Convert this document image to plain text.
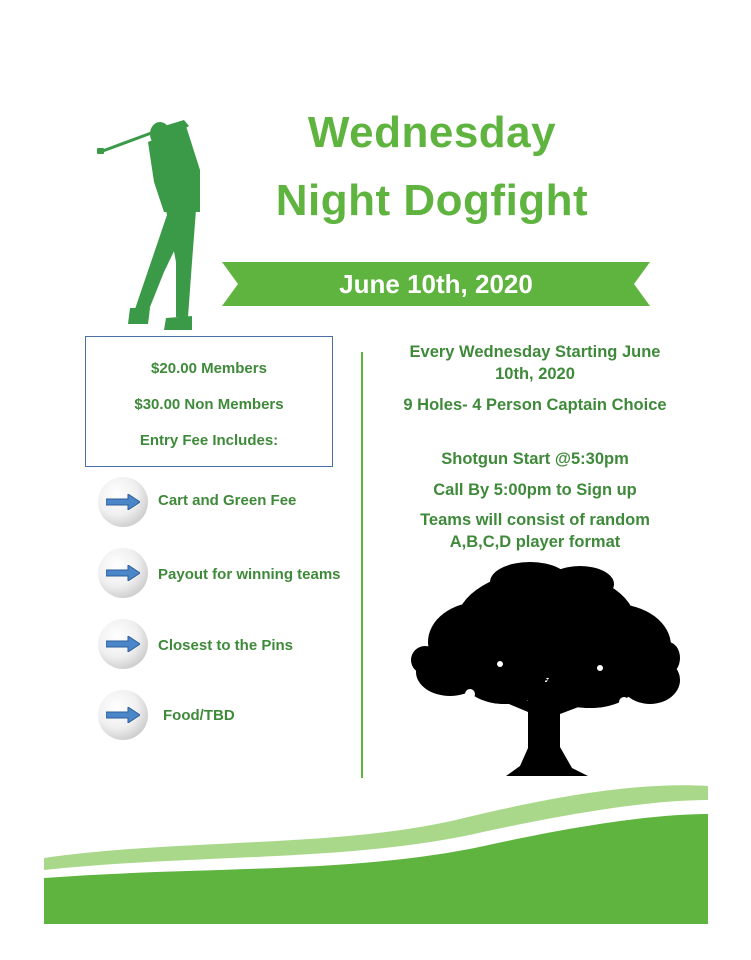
Wednesday
Night Dogfight
June 10th, 2020
$20.00 Members
$30.00 Non Members
Entry Fee Includes:
Cart and Green Fee
Payout for winning teams
Closest to the Pins
Food/TBD
Every Wednesday Starting June 10th, 2020
9 Holes- 4 Person Captain Choice
Shotgun Start @5:30pm
Call By 5:00pm to Sign up
Teams will consist of random A,B,C,D player format
